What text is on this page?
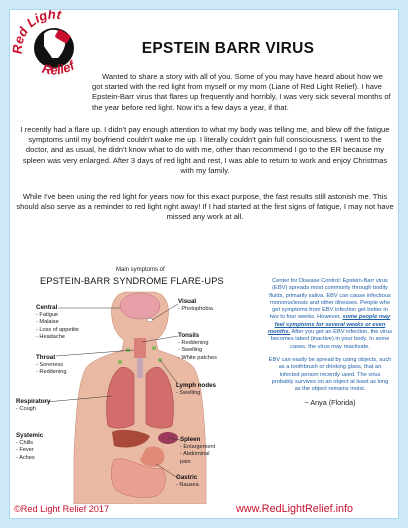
ed Light
Relief
EPSTEIN BARR VIRUS
Wanted to share a story with all of you. Some of you may have heard about how we got started with the red light from myself or my mom (Liane of Red Light Relief). I have Epstein-Barr virus that flares up frequently and horribly, I was very sick several months of the year before red light. Now it's a few days a year, if that.
I recently had a flare up. I didn't pay enough attention to what my body was telling me, and blew off the fatigue symptoms until my boyfriend couldn't wake me up. I literally couldn't gain full consciousness. I went to the doctor, and as usual, he didn't know what to do with me, other than recommend I go to the ER because my spleen was very enlarged. After 3 days of red light and rest, I was able to return to work and enjoy Christmas with my family.
While I've been using the red light for years now for this exact purpose, the fast results still astonish me. This should also serve as a reminder to red light right away! If I had started at the first signs of fatigue, I may not have missed any work at all.
Main symptoms of
EPSTEIN-BARR SYNDROME FLARE-UPS
Central
- Fatigue
- Malaise
- Loss of appetite
- Headache
Visual
- Photophobia
Tonsils
- Reddening
- Swelling
- White patches
Throat
- Soreness
- Reddening
Lymph nodes
- Swelling
Respiratory
- Cough
Systemic
- Chills
- Fever
- Aches
Spleen
- Enlargement
- Abdominal
pain
Gastric
- Nausea

Center for Disease Control: Epstein-Barr virus (EBV) spreads most commonly through bodily fluids, primarily saliva. EBV can cause infectious mononucleosis and other illnesses. People who get symptoms from EBV infection get better in two to four weeks. However, some people may feel symptoms for several weeks or even months. After you get an EBV infection, the virus becomes latent (inactive) in your body. In some cases, the virus may reactivate.

EBV can easily be spread by using objects, such as a toothbrush or drinking glass, that an infected person recently used. The virus probably survives on an object at least as long as the object remains moist.

~ Anya (Florida)
©Red Light Relief 2017	www.RedLightRelief.info
